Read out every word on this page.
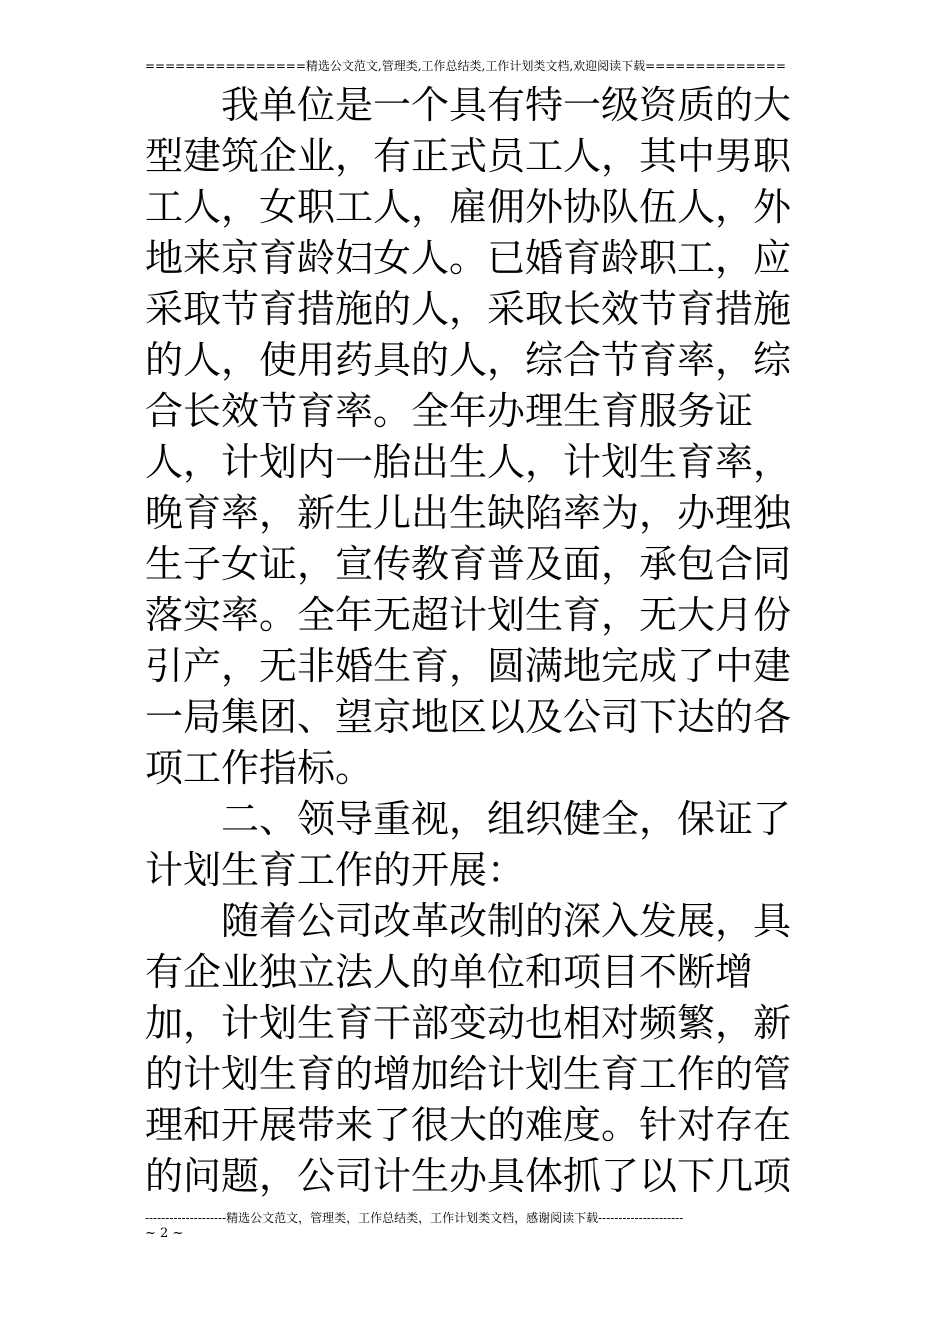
================精选公文范文,管理类,工作总结类,工作计划类文档,欢迎阅读下载==============

我单位是一个具有特一级资质的大型建筑企业，有正式员工人，其中男职工人，女职工人，雇佣外协队伍人，外地来京育龄妇女人。已婚育龄职工，应采取节育措施的人，采取长效节育措施的人，使用药具的人，综合节育率，综合长效节育率。全年办理生育服务证人，计划内一胎出生人，计划生育率，晚育率，新生儿出生缺陷率为，办理独生子女证，宣传教育普及面，承包合同落实率。全年无超计划生育，无大月份引产，无非婚生育，圆满地完成了中建一局集团、望京地区以及公司下达的各项工作指标。

二、领导重视，组织健全，保证了计划生育工作的开展：

随着公司改革改制的深入发展，具有企业独立法人的单位和项目不断增加，计划生育干部变动也相对频繁，新的计划生育的增加给计划生育工作的管理和开展带来了很大的难度。针对存在的问题，公司计生办具体抓了以下几项

--------------------精选公文范文，管理类，工作总结类，工作计划类文档，感谢阅读下载---------------------
~ 2 ~
